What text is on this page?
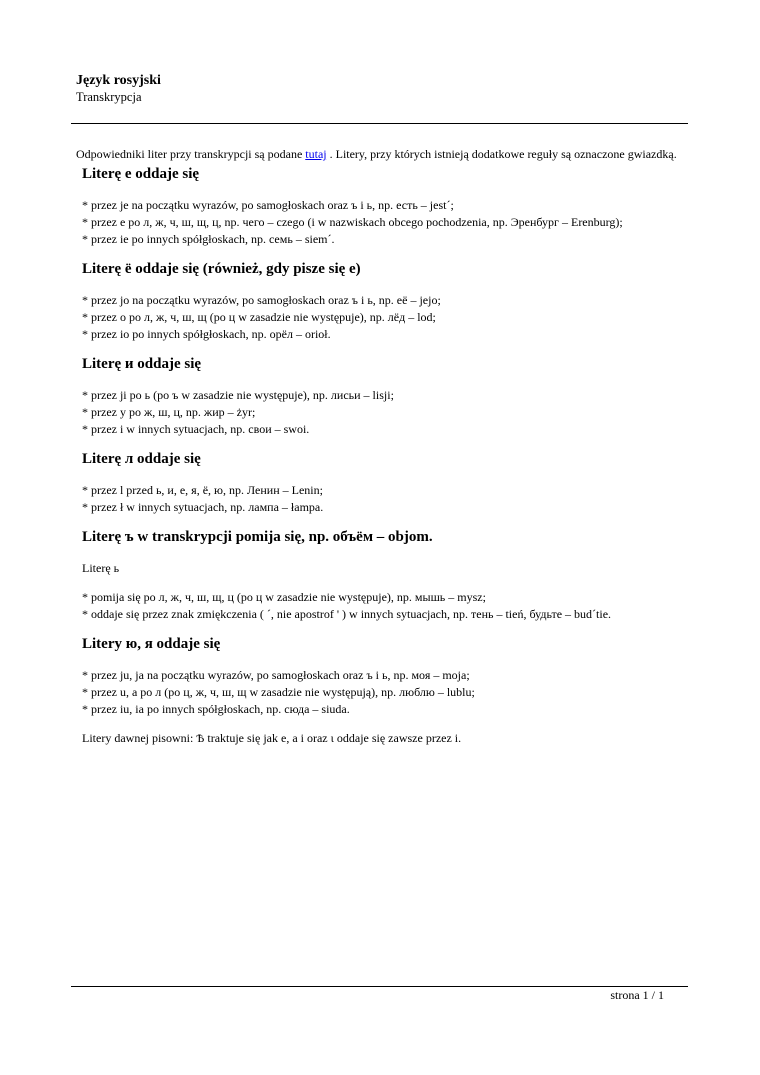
Język rosyjski
Transkrypcja

Odpowiedniki liter przy transkrypcji są podane tutaj . Litery, przy których istnieją dodatkowe reguły są oznaczone gwiazdką.

Literę e oddaje się
* przez je na początku wyrazów, po samogłoskach oraz ъ i ь, np. есть – jest´;
* przez e po л, ж, ч, ш, щ, ц, np. чего – czego (i w nazwiskach obcego pochodzenia, np. Эренбург – Erenburg);
* przez ie po innych spółgłoskach, np. семь – siem´.
Literę ё oddaje się (również, gdy pisze się е)
* przez jo na początku wyrazów, po samogłoskach oraz ъ i ь, np. её – jejo;
* przez o po л, ж, ч, ш, щ (po ц w zasadzie nie występuje), np. лёд – lod;
* przez io po innych spółgłoskach, np. орёл – orioł.
Literę и oddaje się
* przez ji po ь (po ъ w zasadzie nie występuje), np. лисьи – lisji;
* przez y po ж, ш, ц, np. жир – żyr;
* przez i w innych sytuacjach, np. свои – swoi.
Literę л oddaje się
* przez l przed ь, и, е, я, ё, ю, np. Ленин – Lenin;
* przez ł w innych sytuacjach, np. лампа – łampa.
Literę ъ w transkrypcji pomija się, np. объём – objom.

Literę ь

* pomija się po л, ж, ч, ш, щ, ц (po ц w zasadzie nie występuje), np. мышь – mysz;
* oddaje się przez znak zmiękczenia ( ´, nie apostrof ' ) w innych sytuacjach, np. тень – tień, будьте – bud´tie.
Litery ю, я oddaje się
* przez ju, ja na początku wyrazów, po samogłoskach oraz ъ i ь, np. моя – moja;
* przez u, a po л (po ц, ж, ч, ш, щ w zasadzie nie występują), np. люблю – lublu;
* przez iu, ia po innych spółgłoskach, np. сюда – siuda.

Litery dawnej pisowni: Ѣ traktuje się jak е, a і oraz ι oddaje się zawsze przez i.

strona 1 / 1
